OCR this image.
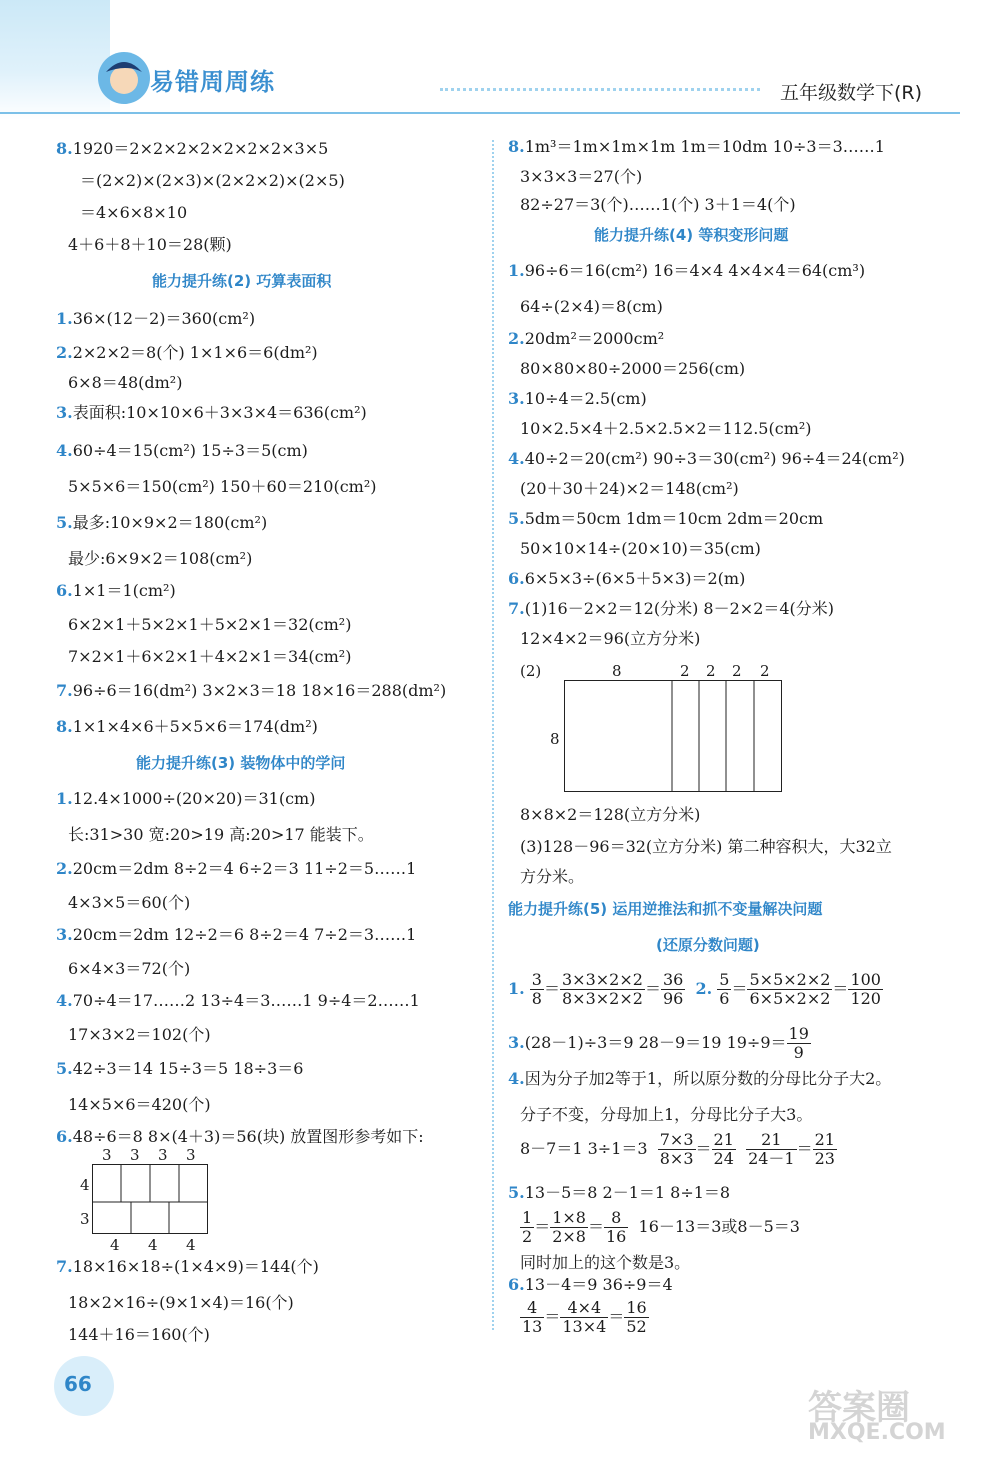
易错周周练	五年级数学下(R)
8.1920＝2×2×2×2×2×2×2×3×5
＝(2×2)×(2×3)×(2×2×2)×(2×5)
＝4×6×8×10
4＋6＋8＋10＝28(颗)
能力提升练(2) 巧算表面积
1.36×(12－2)＝360(cm²)
2.2×2×2＝8(个) 1×1×6＝6(dm²)
6×8＝48(dm²)
3.表面积:10×10×6＋3×3×4＝636(cm²)
4.60÷4＝15(cm²) 15÷3＝5(cm)
5×5×6＝150(cm²) 150＋60＝210(cm²)
5.最多:10×9×2＝180(cm²)
最少:6×9×2＝108(cm²)
6.1×1＝1(cm²)
6×2×1＋5×2×1＋5×2×1＝32(cm²)
7×2×1＋6×2×1＋4×2×1＝34(cm²)
7.96÷6＝16(dm²) 3×2×3＝18 18×16＝288(dm²)
8.1×1×4×6＋5×5×6＝174(dm²)
能力提升练(3) 装物体中的学问
1.12.4×1000÷(20×20)＝31(cm)
长:31>30 宽:20>19 高:20>17 能装下。
2.20cm＝2dm 8÷2＝4 6÷2＝3 11÷2＝5……1
4×3×5＝60(个)
3.20cm＝2dm 12÷2＝6 8÷2＝4 7÷2＝3……1
6×4×3＝72(个)
4.70÷4＝17……2 13÷4＝3……1 9÷4＝2……1
17×3×2＝102(个)
5.42÷3＝14 15÷3＝5 18÷3＝6
14×5×6＝420(个)
6.48÷6＝8 8×(4＋3)＝56(块) 放置图形参考如下:
3 3 3 3
4
3
4 4 4
7.18×16×18÷(1×4×9)＝144(个)
18×2×16÷(9×1×4)＝16(个)
144＋16＝160(个)
8.1m³＝1m×1m×1m 1m＝10dm 10÷3＝3……1
3×3×3＝27(个)
82÷27＝3(个)……1(个) 3＋1＝4(个)
能力提升练(4) 等积变形问题
1.96÷6＝16(cm²) 16＝4×4 4×4×4＝64(cm³)
64÷(2×4)＝8(cm)
2.20dm²＝2000cm²
80×80×80÷2000＝256(cm)
3.10÷4＝2.5(cm)
10×2.5×4＋2.5×2.5×2＝112.5(cm²)
4.40÷2＝20(cm²) 90÷3＝30(cm²) 96÷4＝24(cm²)
(20＋30＋24)×2＝148(cm²)
5.5dm＝50cm 1dm＝10cm 2dm＝20cm
50×10×14÷(20×10)＝35(cm)
6.6×5×3÷(6×5＋5×3)＝2(m)
7.(1)16－2×2＝12(分米) 8－2×2＝4(分米)
12×4×2＝96(立方分米)
(2)	8	2 2 2 2
8
8×8×2＝128(立方分米)
(3)128－96＝32(立方分米) 第二种容积大，大32立
方分米。
能力提升练(5) 运用逆推法和抓不变量解决问题
(还原分数问题)
1. $\frac{3}{8} = \frac{3\times 3\times 2\times 2}{8\times 3\times 2\times 2} = \frac{36}{96} 2$. $\frac{5}{6} = \frac{5\times 5\times 2\times 2}{6\times 5\times 2\times 2} = \frac{100}{120}$
3.(28－1)÷3＝9 28－9＝19 $19\div 9= \frac{19}{9}$
4.因为分子加2等于1，所以原分数的分母比分子大2。
分子不变，分母加上1，分母比分子大3。
8－7＝1 $3\div 1=3 \frac{7\times 3}{8\times 3} = \frac{21}{24}$
$\frac{21}{24-1} = \frac{21}{23}$
5.13－5＝8 2－1＝1 8÷1＝8
$\frac{1}{2} = \frac{1\times 8}{2\times 8} = \frac{8}{16} 16-13=3$或8－5＝3
同时加上的这个数是3。
6.13－4＝9 36÷9＝4
$\frac{4}{13} = \frac{4\times 4}{13\times 4} = \frac{16}{52}$
66
答案圈
MXQE.COM
